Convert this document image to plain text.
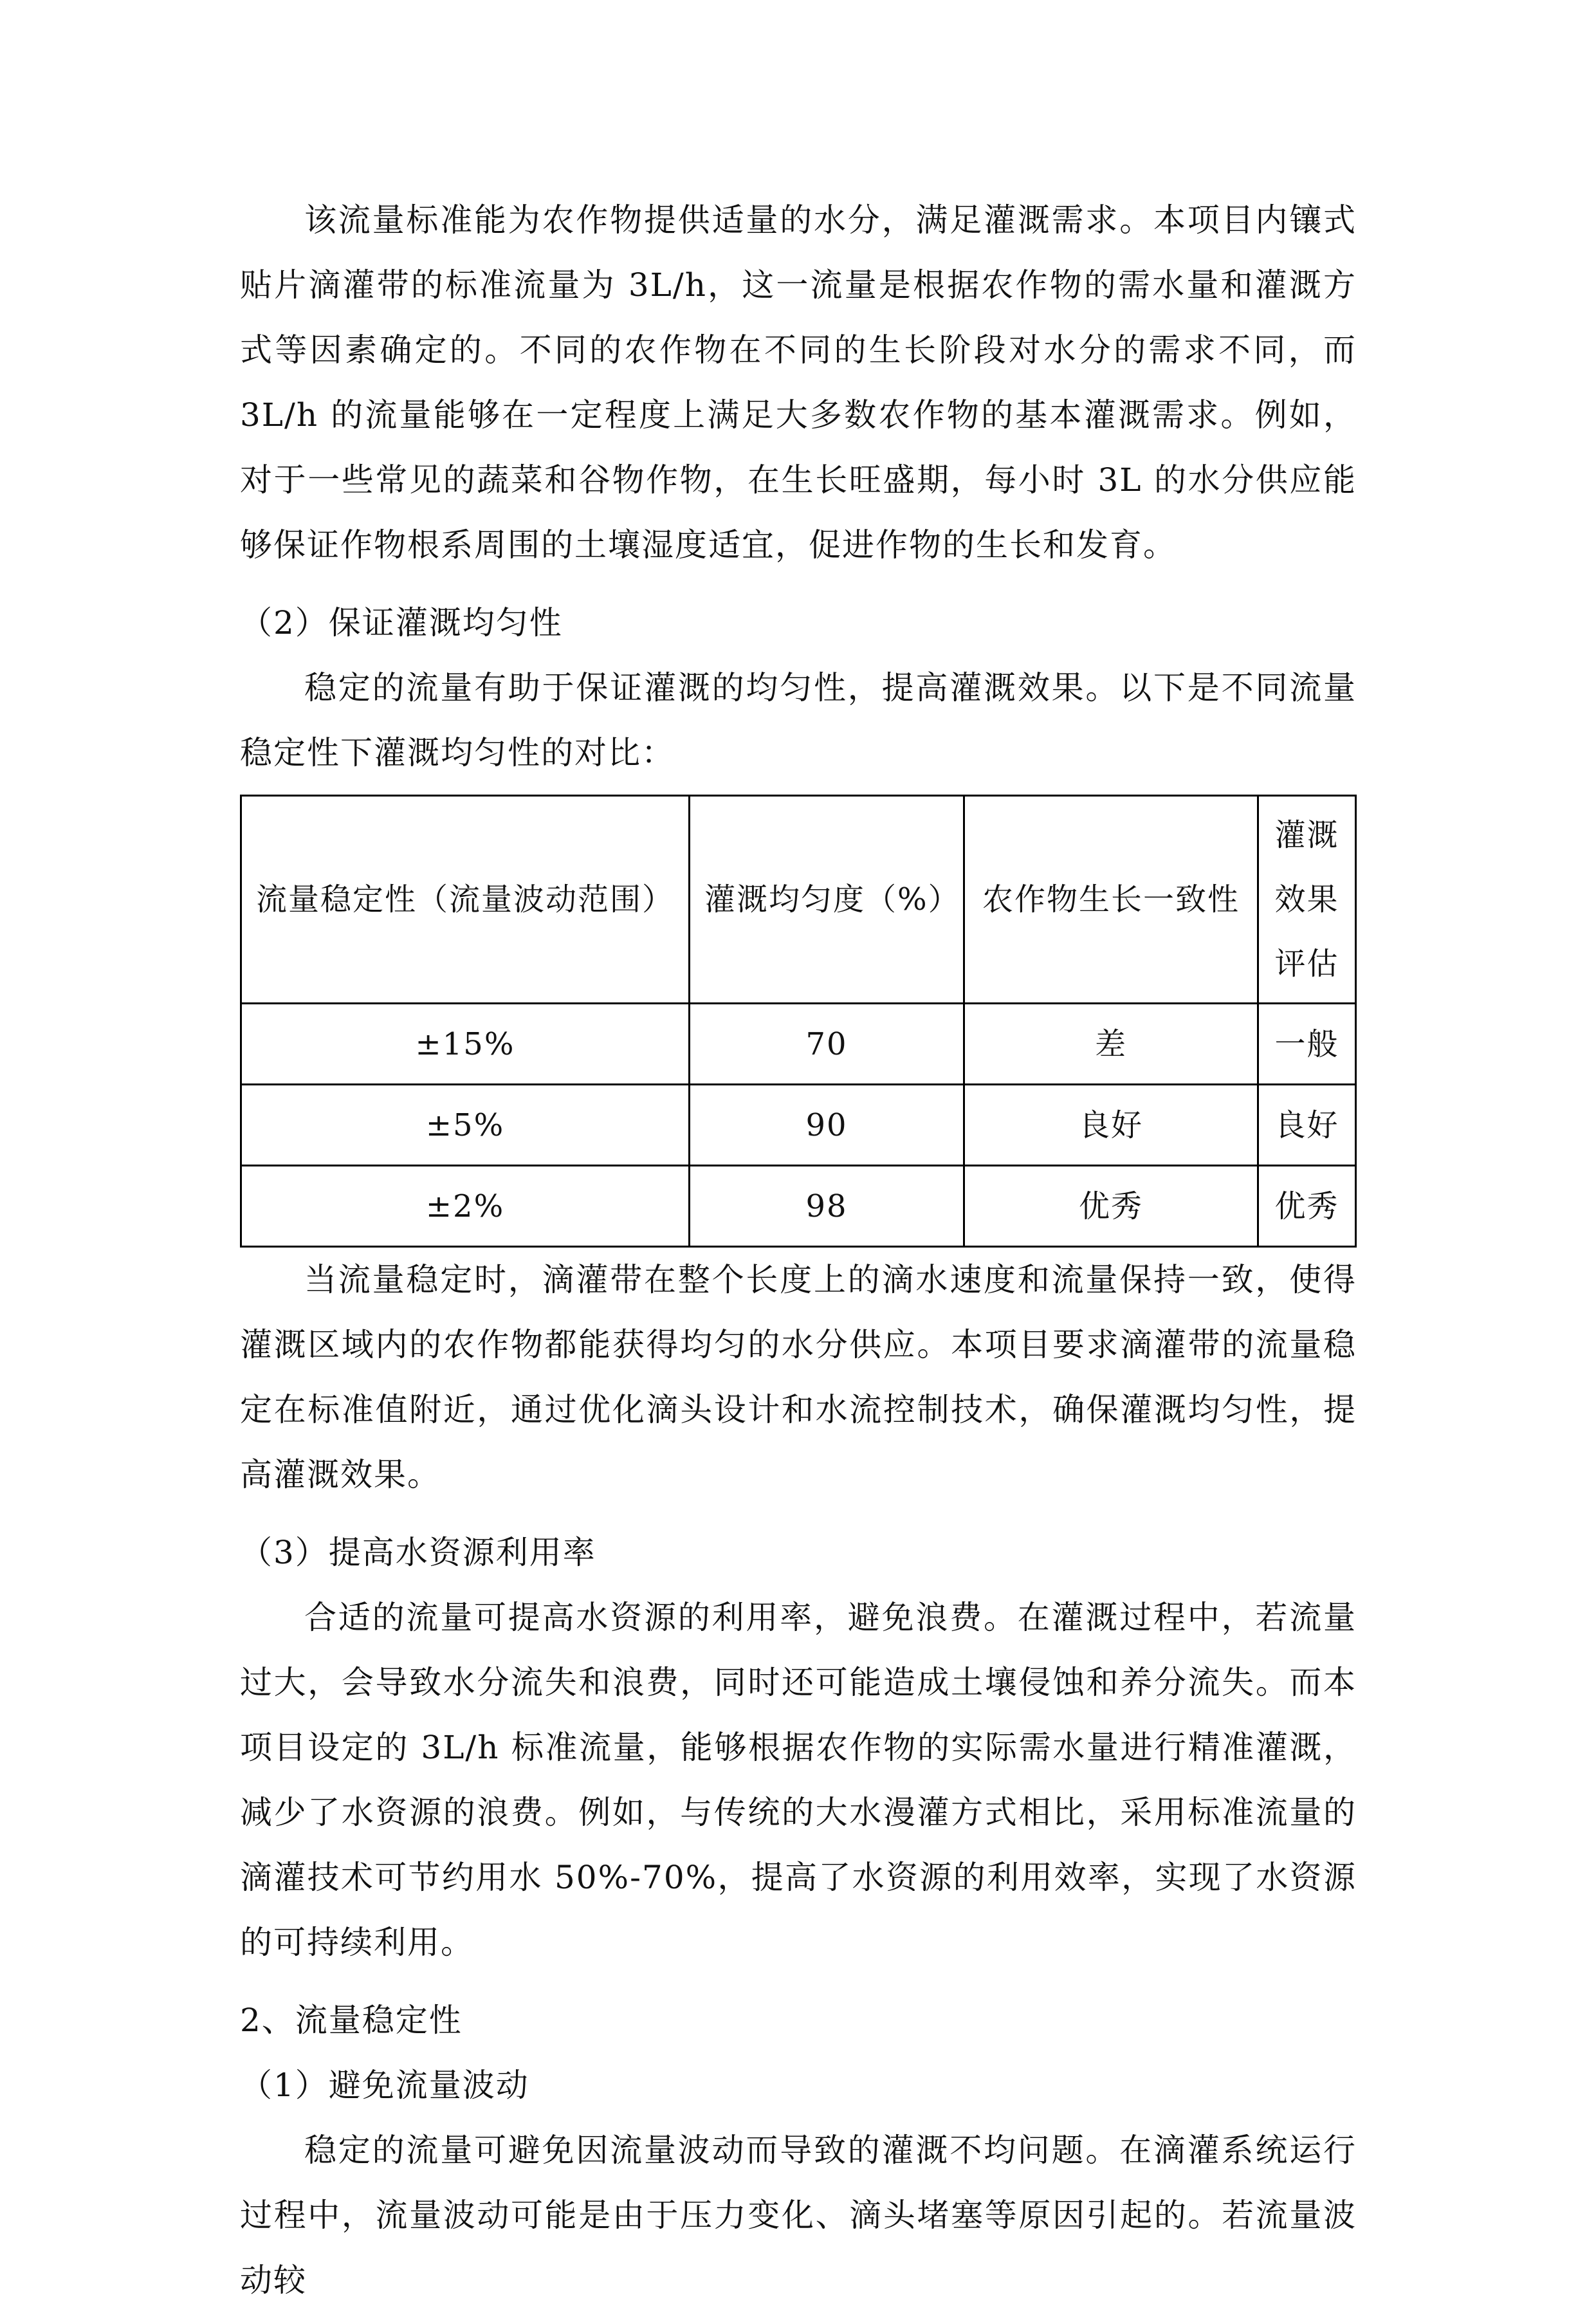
该流量标准能为农作物提供适量的水分，满足灌溉需求。本项目内镶式贴片滴灌带的标准流量为 3L/h，这一流量是根据农作物的需水量和灌溉方式等因素确定的。不同的农作物在不同的生长阶段对水分的需求不同，而 3L/h 的流量能够在一定程度上满足大多数农作物的基本灌溉需求。例如，对于一些常见的蔬菜和谷物作物，在生长旺盛期，每小时 3L 的水分供应能够保证作物根系周围的土壤湿度适宜，促进作物的生长和发育。

（2）保证灌溉均匀性

稳定的流量有助于保证灌溉的均匀性，提高灌溉效果。以下是不同流量稳定性下灌溉均匀性的对比：

流量稳定性（流量波动范围）	灌溉均匀度（%）	农作物生长一致性	灌溉效果评估
±15%	70	差	一般
±5%	90	良好	良好
±2%	98	优秀	优秀

当流量稳定时，滴灌带在整个长度上的滴水速度和流量保持一致，使得灌溉区域内的农作物都能获得均匀的水分供应。本项目要求滴灌带的流量稳定在标准值附近，通过优化滴头设计和水流控制技术，确保灌溉均匀性，提高灌溉效果。

（3）提高水资源利用率

合适的流量可提高水资源的利用率，避免浪费。在灌溉过程中，若流量过大，会导致水分流失和浪费，同时还可能造成土壤侵蚀和养分流失。而本项目设定的 3L/h 标准流量，能够根据农作物的实际需水量进行精准灌溉，减少了水资源的浪费。例如，与传统的大水漫灌方式相比，采用标准流量的滴灌技术可节约用水 50%-70%，提高了水资源的利用效率，实现了水资源的可持续利用。

2、流量稳定性

（1）避免流量波动

稳定的流量可避免因流量波动而导致的灌溉不均问题。在滴灌系统运行过程中，流量波动可能是由于压力变化、滴头堵塞等原因引起的。若流量波动较
